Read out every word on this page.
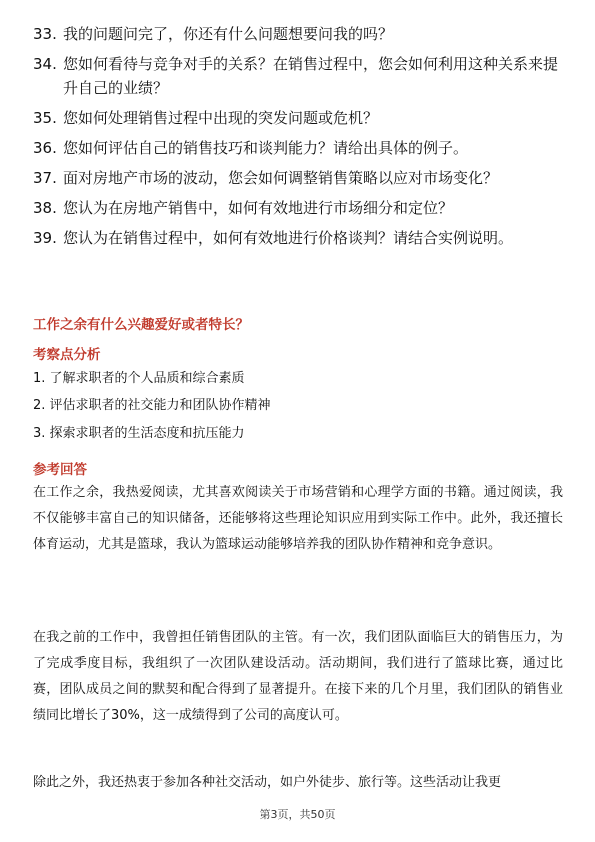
33. 我的问题问完了，你还有什么问题想要问我的吗？
34. 您如何看待与竞争对手的关系？在销售过程中，您会如何利用这种关系来提升自己的业绩？
35. 您如何处理销售过程中出现的突发问题或危机？
36. 您如何评估自己的销售技巧和谈判能力？请给出具体的例子。
37. 面对房地产市场的波动，您会如何调整销售策略以应对市场变化？
38. 您认为在房地产销售中，如何有效地进行市场细分和定位？
39. 您认为在销售过程中，如何有效地进行价格谈判？请结合实例说明。
工作之余有什么兴趣爱好或者特长？
考察点分析
1. 了解求职者的个人品质和综合素质
2. 评估求职者的社交能力和团队协作精神
3. 探索求职者的生活态度和抗压能力
参考回答
在工作之余，我热爱阅读，尤其喜欢阅读关于市场营销和心理学方面的书籍。通过阅读，我不仅能够丰富自己的知识储备，还能够将这些理论知识应用到实际工作中。此外，我还擅长体育运动，尤其是篮球，我认为篮球运动能够培养我的团队协作精神和竞争意识。
在我之前的工作中，我曾担任销售团队的主管。有一次，我们团队面临巨大的销售压力，为了完成季度目标，我组织了一次团队建设活动。活动期间，我们进行了篮球比赛，通过比赛，团队成员之间的默契和配合得到了显著提升。在接下来的几个月里，我们团队的销售业绩同比增长了30%，这一成绩得到了公司的高度认可。
除此之外，我还热衷于参加各种社交活动，如户外徒步、旅行等。这些活动让我更
第3页，共50页
